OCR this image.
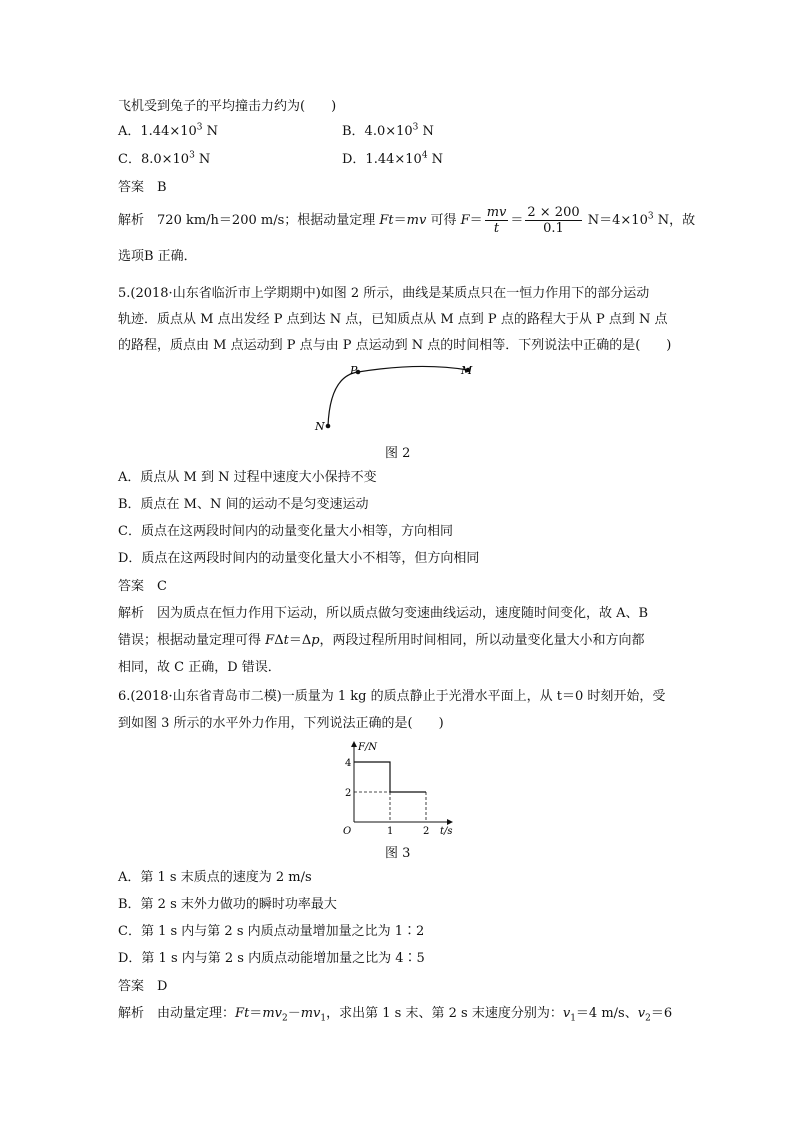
飞机受到兔子的平均撞击力约为(　　)
A．$1.44\times 10^3$ N	B．$4.0\times 10^3$ N
C．$8.0\times 10^3$ N	D．$1.44\times 10^4$ N
答案　 B
解析　 720 km/h＝200 m/s；根据动量定理 Ft＝mv 可得 $F= \frac{mv}{t} = \frac{2 \times 200}{0.1} N=4\times 10^3$ N，故
选项B 正确．
5.(2018·山东省临沂市上学期期中)如图 2 所示，曲线是某质点只在一恒力作用下的部分运动
轨迹．质点从 M 点出发经 P 点到达 N 点，已知质点从 M 点到 P 点的路程大于从 P 点到 N 点
的路程，质点由 M 点运动到 P 点与由 P 点运动到 N 点的时间相等．下列说法中正确的是(　　)
P	M
N
图 2
A．质点从 M 到 N 过程中速度大小保持不变
B．质点在 M、N 间的运动不是匀变速运动
C．质点在这两段时间内的动量变化量大小相等，方向相同
D．质点在这两段时间内的动量变化量大小不相等，但方向相同
答案　 C
解析　 因为质点在恒力作用下运动，所以质点做匀变速曲线运动，速度随时间变化，故 A、B
错误；根据动量定理可得 FΔt＝Δp，两段过程所用时间相同，所以动量变化量大小和方向都
相同，故 C 正确，D 错误．
6.(2018·山东省青岛市二模)一质量为 1 kg 的质点静止于光滑水平面上，从 t＝0 时刻开始，受
到如图 3 所示的水平外力作用，下列说法正确的是(　　)
F/N
t/s
O
4
2
1	2
图 3
A．第 1 s 末质点的速度为 2 m/s
B．第 2 s 末外力做功的瞬时功率最大
C．第 1 s 内与第 2 s 内质点动量增加量之比为 1∶2
D．第 1 s 内与第 2 s 内质点动能增加量之比为 4∶5
答案　 D
解析　 由动量定理：$Ft=mv_2-mv_1$，求出第 1 s 末、第 2 s 末速度分别为：$v_1=4$ m/s、$v_2=6$
